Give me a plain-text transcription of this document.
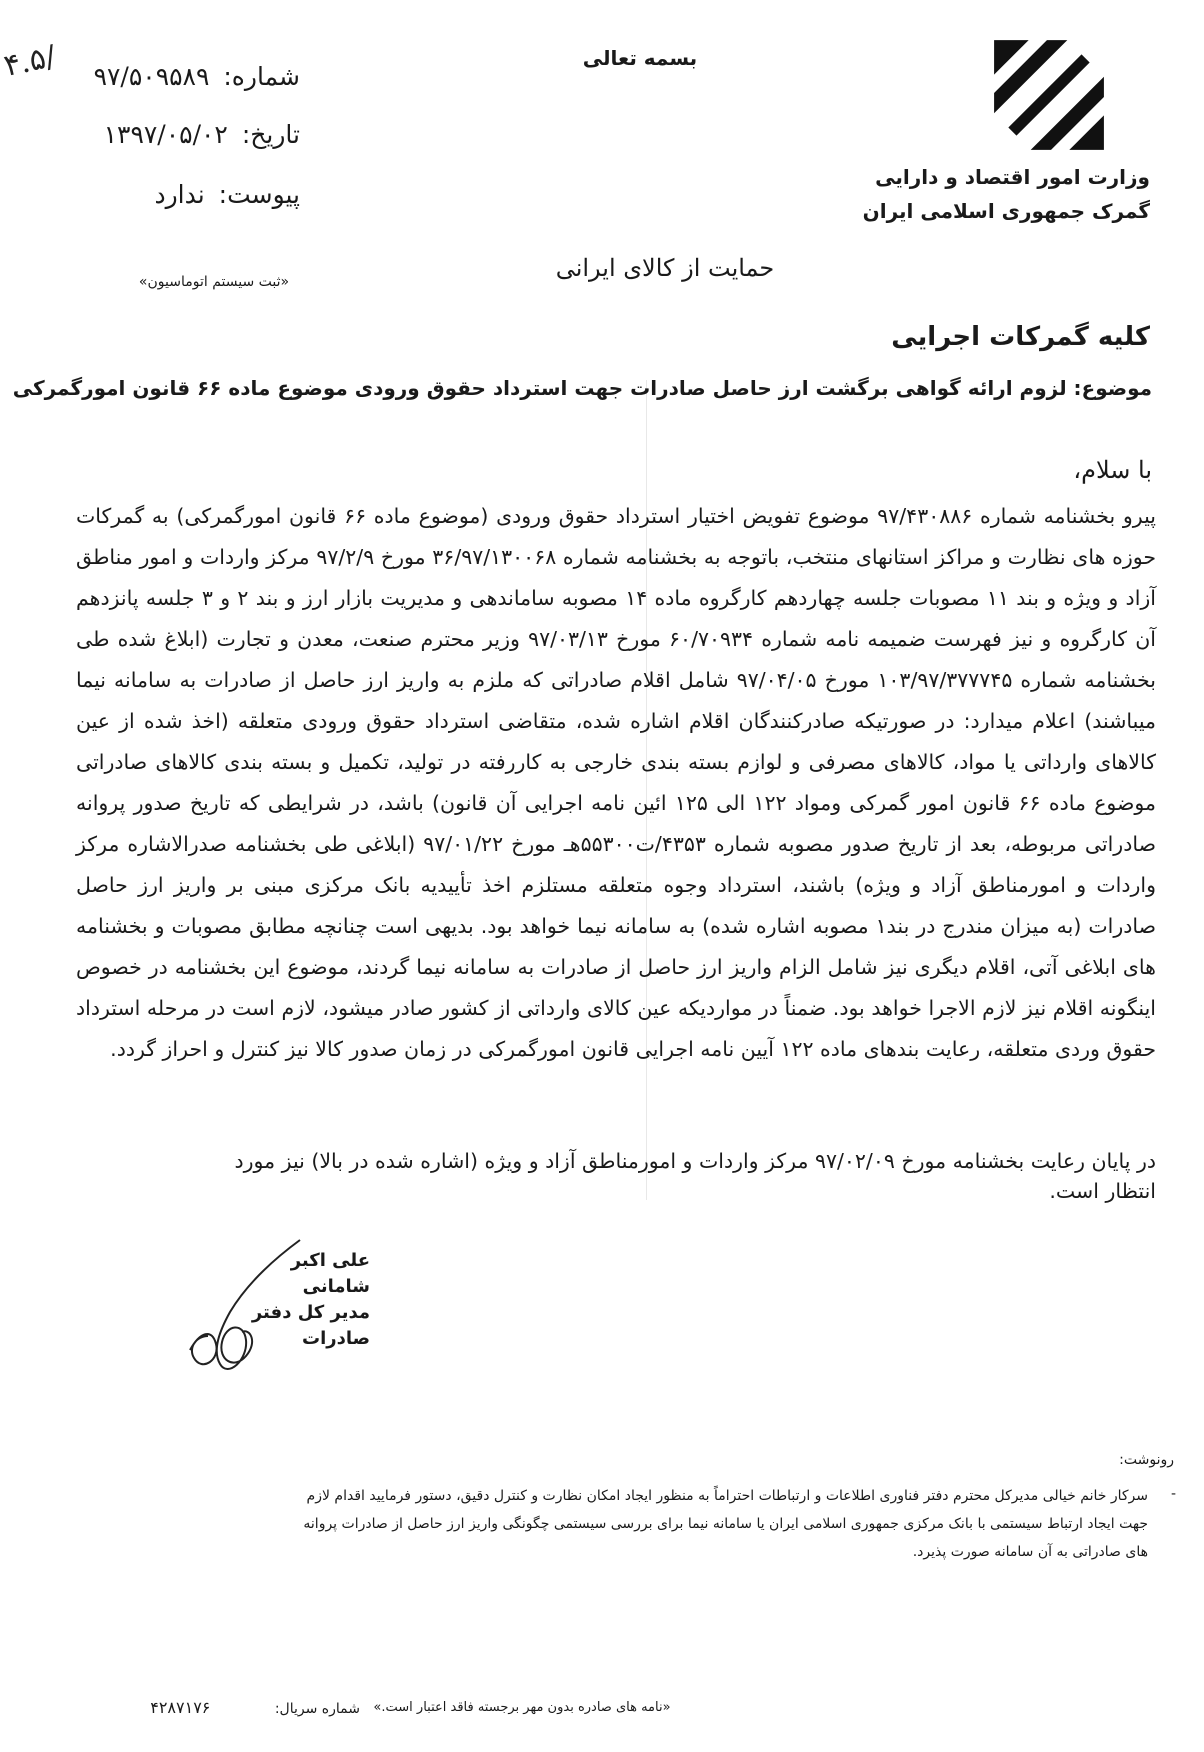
وزارت امور اقتصاد و دارایی
گمرک جمهوری اسلامی ایران
بسمه تعالی
۴.۵/	شماره: ۹۷/۵۰۹۵۸۹
تاریخ: ۱۳۹۷/۰۵/۰۲
پیوست: ندارد
«ثبت سیستم اتوماسیون»	حمایت از کالای ایرانی
کلیه گمرکات اجرایی
موضوع: لزوم ارائه گواهی برگشت ارز حاصل صادرات جهت استرداد حقوق ورودی موضوع ماده ۶۶ قانون امورگمرکی
با سلام،
پیرو بخشنامه شماره ۹۷/۴۳۰۸۸۶ موضوع تفویض اختیار استرداد حقوق ورودی (موضوع ماده ۶۶ قانون امورگمرکی) به گمرکات حوزه های نظارت و مراکز استانهای منتخب، باتوجه به بخشنامه شماره ۳۶/۹۷/۱۳۰۰۶۸ مورخ ۹۷/۲/۹ مرکز واردات و امور مناطق آزاد و ویژه و بند ۱۱ مصوبات جلسه چهاردهم کارگروه ماده ۱۴ مصوبه ساماندهی و مدیریت بازار ارز و بند ۲ و ۳ جلسه پانزدهم آن کارگروه و نیز فهرست ضمیمه نامه شماره ۶۰/۷۰۹۳۴ مورخ ۹۷/۰۳/۱۳ وزیر محترم صنعت، معدن و تجارت (ابلاغ شده طی بخشنامه شماره ۱۰۳/۹۷/۳۷۷۷۴۵ مورخ ۹۷/۰۴/۰۵ شامل اقلام صادراتی که ملزم به واریز ارز حاصل از صادرات به سامانه نیما میباشند) اعلام میدارد: در صورتیکه صادرکنندگان اقلام اشاره شده، متقاضی استرداد حقوق ورودی متعلقه (اخذ شده از عین کالاهای وارداتی یا مواد، کالاهای مصرفی و لوازم بسته بندی خارجی به کاررفته در تولید، تکمیل و بسته بندی کالاهای صادراتی موضوع ماده ۶۶ قانون امور گمرکی ومواد ۱۲۲ الی ۱۲۵ ائین نامه اجرایی آن قانون) باشد، در شرایطی که تاریخ صدور پروانه صادراتی مربوطه، بعد از تاریخ صدور مصوبه شماره ۴۳۵۳/ت۵۵۳۰۰هـ مورخ ۹۷/۰۱/۲۲ (ابلاغی طی بخشنامه صدرالاشاره مرکز واردات و امورمناطق آزاد و ویژه) باشند، استرداد وجوه متعلقه مستلزم اخذ تأییدیه بانک مرکزی مبنی بر واریز ارز حاصل صادرات (به میزان مندرج در بند۱ مصوبه اشاره شده) به سامانه نیما خواهد بود. بدیهی است چنانچه مطابق مصوبات و بخشنامه های ابلاغی آتی، اقلام دیگری نیز شامل الزام واریز ارز حاصل از صادرات به سامانه نیما گردند، موضوع این بخشنامه در خصوص اینگونه اقلام نیز لازم الاجرا خواهد بود. ضمناً در مواردیکه عین کالای وارداتی از کشور صادر میشود، لازم است در مرحله استرداد حقوق وردی متعلقه، رعایت بندهای ماده ۱۲۲ آیین نامه اجرایی قانون امورگمرکی در زمان صدور کالا نیز کنترل و احراز گردد.
در پایان رعایت بخشنامه مورخ ۹۷/۰۲/۰۹ مرکز واردات و امورمناطق آزاد و ویژه (اشاره شده در بالا) نیز مورد انتظار است.
علی اکبر شامانی
مدیر کل دفتر صادرات
رونوشت:
-
سرکار خانم خیالی مدیرکل محترم دفتر فناوری اطلاعات و ارتباطات احتراماً به منظور ایجاد امکان نظارت و کنترل دقیق، دستور فرمایید اقدام لازم جهت ایجاد ارتباط سیستمی با بانک مرکزی جمهوری اسلامی ایران یا سامانه نیما برای بررسی سیستمی چگونگی واریز ارز حاصل از صادرات پروانه های صادراتی به آن سامانه صورت پذیرد.
«نامه های صادره بدون مهر برجسته فاقد اعتبار است.»
شماره سریال: ۴۲۸۷۱۷۶
